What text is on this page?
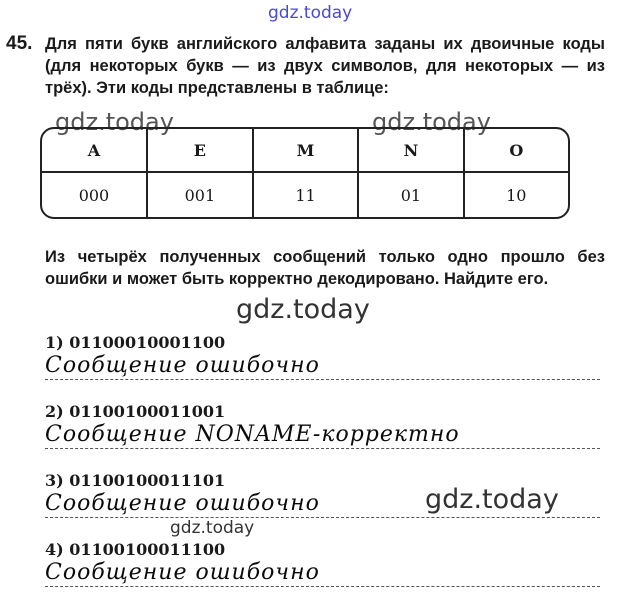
gdz.today
gdz.today	gdz.today
gdz.today
gdz.today
gdz.today
45. Для пяти букв английского алфавита заданы их двоичные коды (для некоторых букв — из двух символов, для некоторых — из трёх). Эти коды представлены в таблице:
A	E	M	N	O
000	001	11	01	10
Из четырёх полученных сообщений только одно прошло без ошибки и может быть корректно декодировано. Найдите его.
1) 01100010001100
Сообщение ошибочно
2) 01100100011001
Сообщение NONAME-корректно
3) 01100100011101
Сообщение ошибочно
4) 01100100011100
Сообщение ошибочно
